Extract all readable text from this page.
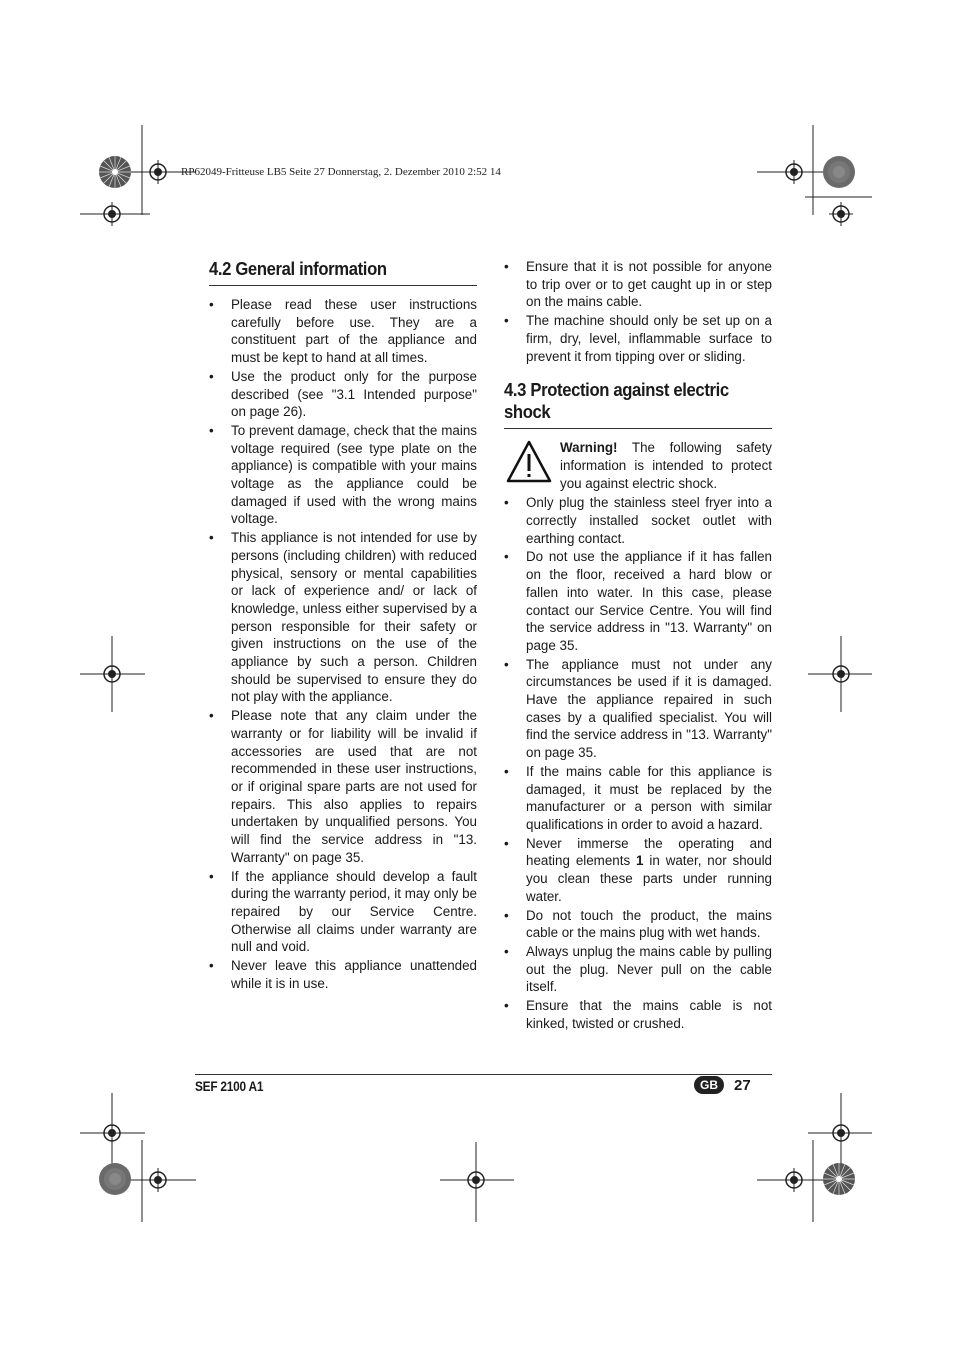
RP62049-Fritteuse LB5 Seite 27 Donnerstag, 2. Dezember 2010 2:52 14
4.2 General information
• Please read these user instructions carefully before use. They are a constituent part of the appliance and must be kept to hand at all times.
• Use the product only for the purpose described (see "3.1 Intended purpose" on page 26).
• To prevent damage, check that the mains voltage required (see type plate on the appliance) is compatible with your mains voltage as the appliance could be damaged if used with the wrong mains voltage.
• This appliance is not intended for use by persons (including children) with reduced physical, sensory or mental capabilities or lack of experience and/ or lack of knowledge, unless either supervised by a person responsible for their safety or given instructions on the use of the appliance by such a person. Children should be supervised to ensure they do not play with the appliance.
• Please note that any claim under the warranty or for liability will be invalid if accessories are used that are not recommended in these user instructions, or if original spare parts are not used for repairs. This also applies to repairs undertaken by unqualified persons. You will find the service address in "13. Warranty" on page 35.
• If the appliance should develop a fault during the warranty period, it may only be repaired by our Service Centre. Otherwise all claims under warranty are null and void.
• Never leave this appliance unattended while it is in use.
• Ensure that it is not possible for anyone to trip over or to get caught up in or step on the mains cable.
• The machine should only be set up on a firm, dry, level, inflammable surface to prevent it from tipping over or sliding.
4.3 Protection against electric shock
Warning! The following safety information is intended to protect you against electric shock.
• Only plug the stainless steel fryer into a correctly installed socket outlet with earthing contact.
• Do not use the appliance if it has fallen on the floor, received a hard blow or fallen into water. In this case, please contact our Service Centre. You will find the service address in "13. Warranty" on page 35.
• The appliance must not under any circumstances be used if it is damaged. Have the appliance repaired in such cases by a qualified specialist. You will find the service address in "13. Warranty" on page 35.
• If the mains cable for this appliance is damaged, it must be replaced by the manufacturer or a person with similar qualifications in order to avoid a hazard.
• Never immerse the operating and heating elements 1 in water, nor should you clean these parts under running water.
• Do not touch the product, the mains cable or the mains plug with wet hands.
• Always unplug the mains cable by pulling out the plug. Never pull on the cable itself.
• Ensure that the mains cable is not kinked, twisted or crushed.
SEF 2100 A1	GB	27
